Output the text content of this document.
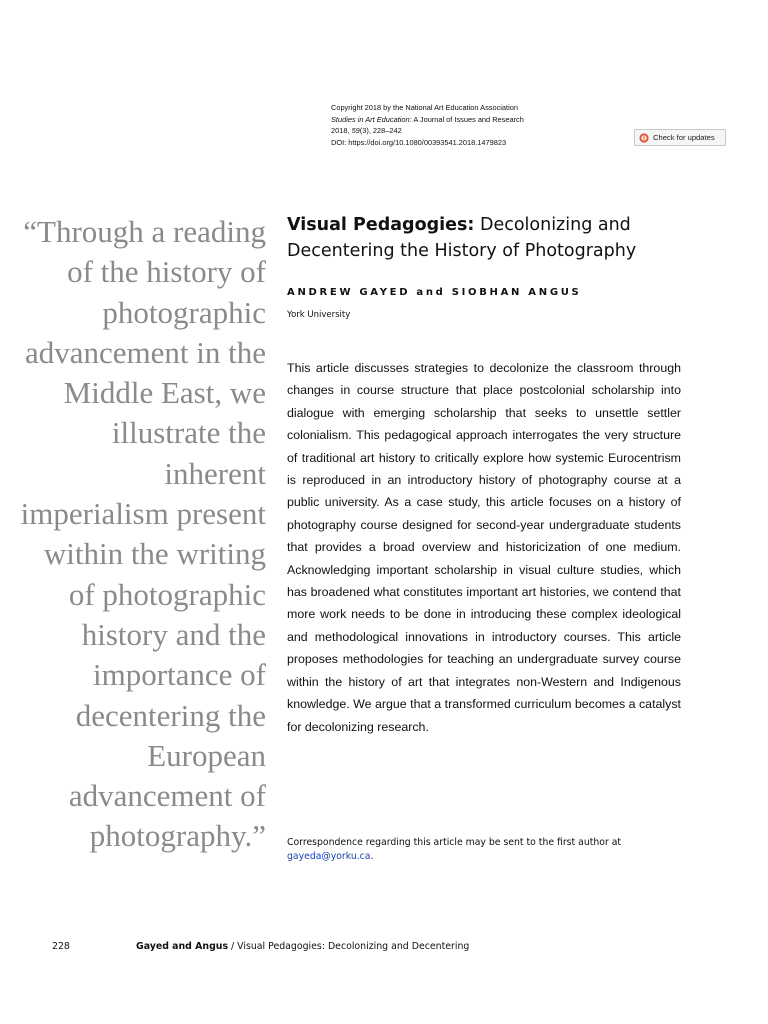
Copyright 2018 by the National Art Education Association
Studies in Art Education: A Journal of Issues and Research
2018, 59(3), 228–242
DOI: https://doi.org/10.1080/00393541.2018.1479823	Check for updates
“Through a reading of the history of photographic advancement in the Middle East, we illustrate the inherent imperialism present within the writing of photographic history and the importance of decentering the European advancement of photography.”
Visual Pedagogies: Decolonizing and Decentering the History of Photography
ANDREW GAYED and SIOBHAN ANGUS
York University
This article discusses strategies to decolonize the classroom through changes in course structure that place postcolonial scholarship into dialogue with emerging scholarship that seeks to unsettle settler colonialism. This pedagogical approach interrogates the very structure of traditional art history to critically explore how systemic Eurocentrism is reproduced in an introductory history of photography course at a public university. As a case study, this article focuses on a history of photography course designed for second-year undergraduate students that provides a broad overview and historicization of one medium. Acknowledging important scholarship in visual culture studies, which has broadened what constitutes important art histories, we contend that more work needs to be done in introducing these complex ideological and methodological innovations in introductory courses. This article proposes methodologies for teaching an undergraduate survey course within the history of art that integrates non-Western and Indigenous knowledge. We argue that a transformed curriculum becomes a catalyst for decolonizing research.
Correspondence regarding this article may be sent to the first author at gayeda@yorku.ca.
228	Gayed and Angus / Visual Pedagogies: Decolonizing and Decentering
